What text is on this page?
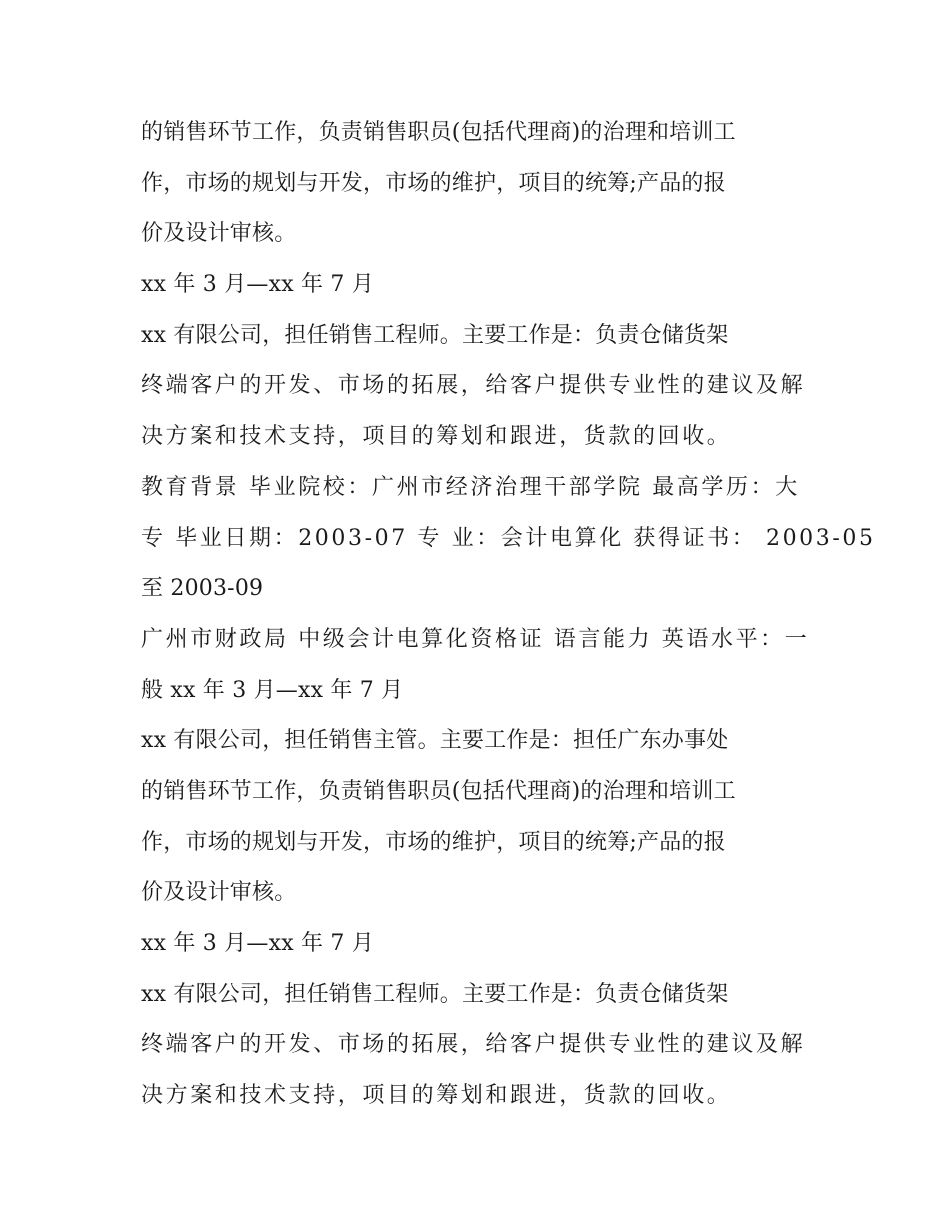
的销售环节工作，负责销售职员(包括代理商)的治理和培训工
作，市场的规划与开发，市场的维护，项目的统筹;产品的报
价及设计审核。
xx 年 3 月—xx 年 7 月
xx 有限公司，担任销售工程师。主要工作是：负责仓储货架
终端客户的开发、市场的拓展，给客户提供专业性的建议及解
决方案和技术支持，项目的筹划和跟进，货款的回收。
教育背景 毕业院校：广州市经济治理干部学院 最高学历：大
专 毕业日期：2003-07 专 业：会计电算化 获得证书： 2003-05
至 2003-09
广州市财政局 中级会计电算化资格证 语言能力 英语水平：一
般 xx 年 3 月—xx 年 7 月
xx 有限公司，担任销售主管。主要工作是：担任广东办事处
的销售环节工作，负责销售职员(包括代理商)的治理和培训工
作，市场的规划与开发，市场的维护，项目的统筹;产品的报
价及设计审核。
xx 年 3 月—xx 年 7 月
xx 有限公司，担任销售工程师。主要工作是：负责仓储货架
终端客户的开发、市场的拓展，给客户提供专业性的建议及解
决方案和技术支持，项目的筹划和跟进，货款的回收。
